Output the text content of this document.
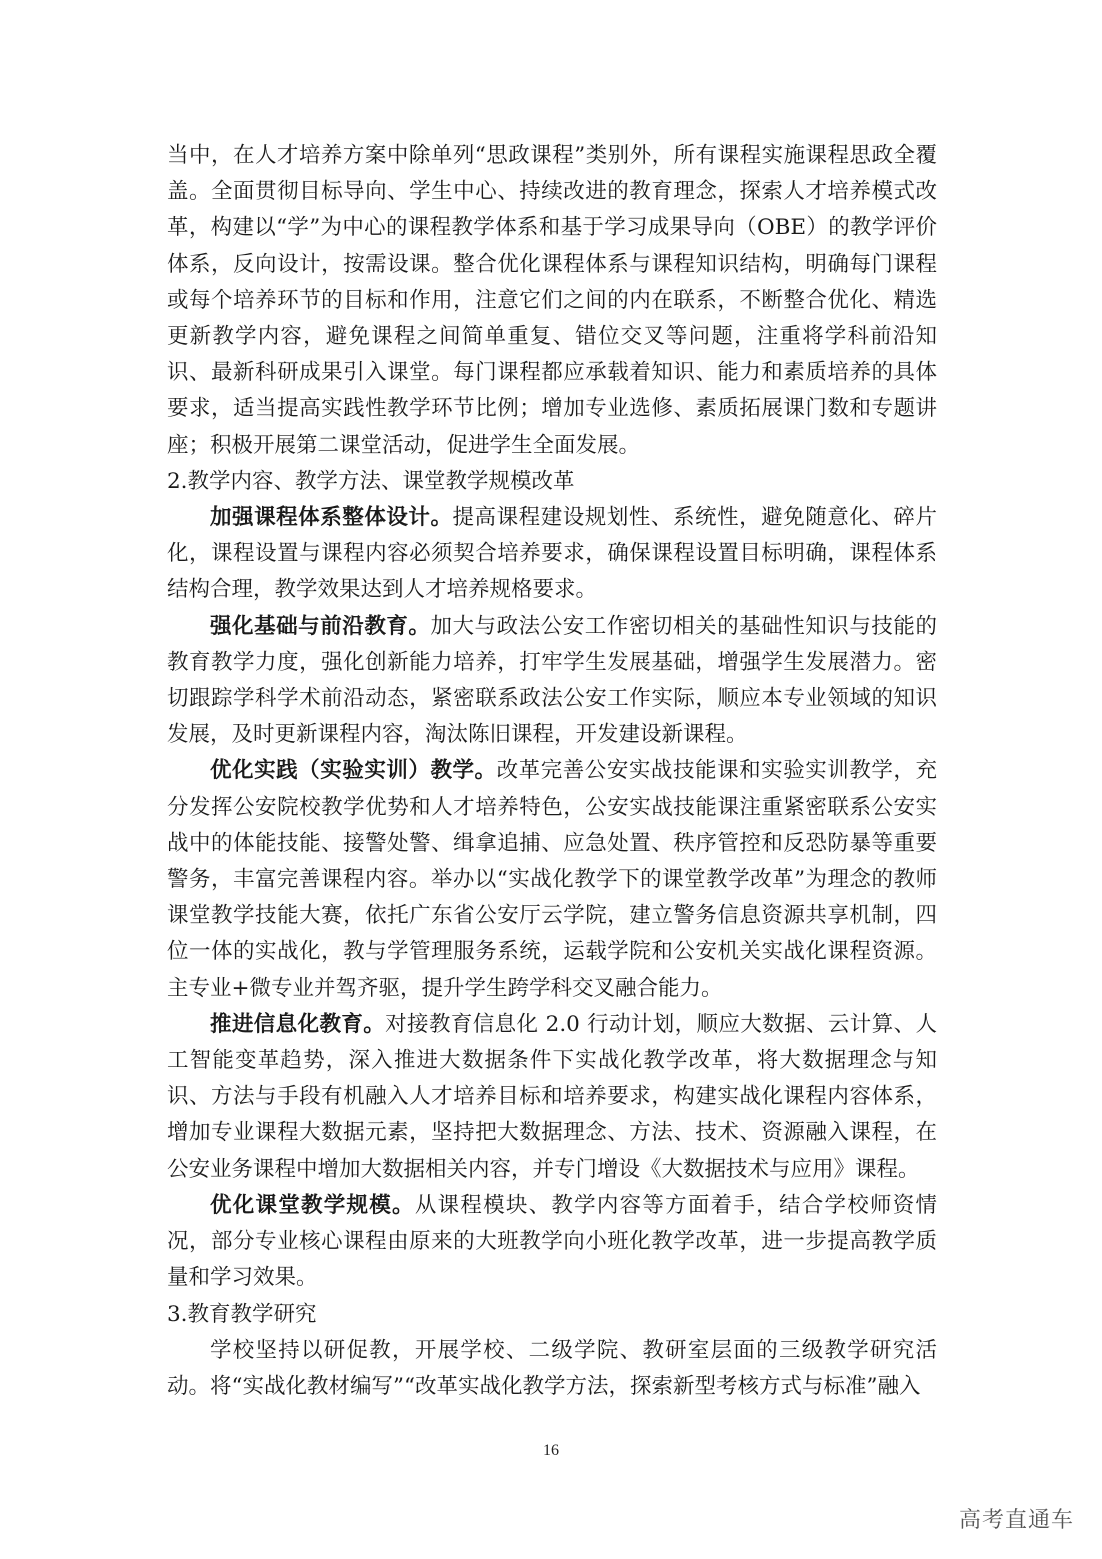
当中，在人才培养方案中除单列“思政课程”类别外，所有课程实施课程思政全覆盖。全面贯彻目标导向、学生中心、持续改进的教育理念，探索人才培养模式改革，构建以“学”为中心的课程教学体系和基于学习成果导向（OBE）的教学评价体系，反向设计，按需设课。整合优化课程体系与课程知识结构，明确每门课程或每个培养环节的目标和作用，注意它们之间的内在联系，不断整合优化、精选更新教学内容，避免课程之间简单重复、错位交叉等问题，注重将学科前沿知识、最新科研成果引入课堂。每门课程都应承载着知识、能力和素质培养的具体要求，适当提高实践性教学环节比例；增加专业选修、素质拓展课门数和专题讲座；积极开展第二课堂活动，促进学生全面发展。

2.教学内容、教学方法、课堂教学规模改革

加强课程体系整体设计。提高课程建设规划性、系统性，避免随意化、碎片化，课程设置与课程内容必须契合培养要求，确保课程设置目标明确，课程体系结构合理，教学效果达到人才培养规格要求。

强化基础与前沿教育。加大与政法公安工作密切相关的基础性知识与技能的教育教学力度，强化创新能力培养，打牢学生发展基础，增强学生发展潜力。密切跟踪学科学术前沿动态，紧密联系政法公安工作实际，顺应本专业领域的知识发展，及时更新课程内容，淘汰陈旧课程，开发建设新课程。

优化实践（实验实训）教学。改革完善公安实战技能课和实验实训教学，充分发挥公安院校教学优势和人才培养特色，公安实战技能课注重紧密联系公安实战中的体能技能、接警处警、缉拿追捕、应急处置、秩序管控和反恐防暴等重要警务，丰富完善课程内容。举办以“实战化教学下的课堂教学改革”为理念的教师课堂教学技能大赛，依托广东省公安厅云学院，建立警务信息资源共享机制，四位一体的实战化，教与学管理服务系统，运载学院和公安机关实战化课程资源。主专业+微专业并驾齐驱，提升学生跨学科交叉融合能力。

推进信息化教育。对接教育信息化 2.0 行动计划，顺应大数据、云计算、人工智能变革趋势，深入推进大数据条件下实战化教学改革，将大数据理念与知识、方法与手段有机融入人才培养目标和培养要求，构建实战化课程内容体系，增加专业课程大数据元素，坚持把大数据理念、方法、技术、资源融入课程，在公安业务课程中增加大数据相关内容，并专门增设《大数据技术与应用》课程。

优化课堂教学规模。从课程模块、教学内容等方面着手，结合学校师资情况，部分专业核心课程由原来的大班教学向小班化教学改革，进一步提高教学质量和学习效果。

3.教育教学研究

学校坚持以研促教，开展学校、二级学院、教研室层面的三级教学研究活动。将“实战化教材编写”“改革实战化教学方法，探索新型考核方式与标准”融入

16
高考直通车
